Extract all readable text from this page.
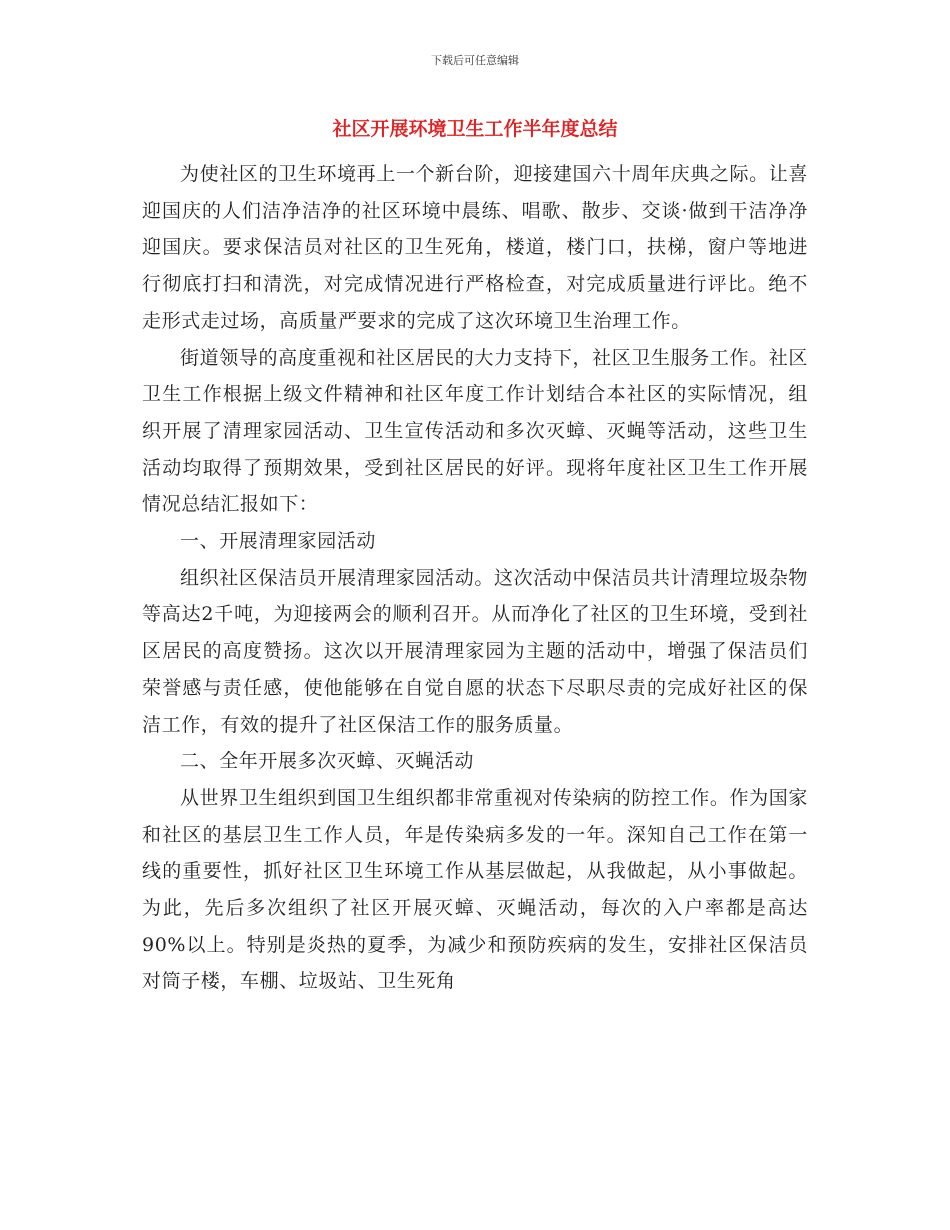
下载后可任意编辑
社区开展环境卫生工作半年度总结

为使社区的卫生环境再上一个新台阶，迎接建国六十周年庆典之际。让喜迎国庆的人们洁净洁净的社区环境中晨练、唱歌、散步、交谈·做到干洁净净迎国庆。要求保洁员对社区的卫生死角，楼道，楼门口，扶梯，窗户等地进行彻底打扫和清洗，对完成情况进行严格检查，对完成质量进行评比。绝不走形式走过场，高质量严要求的完成了这次环境卫生治理工作。

街道领导的高度重视和社区居民的大力支持下，社区卫生服务工作。社区卫生工作根据上级文件精神和社区年度工作计划结合本社区的实际情况，组织开展了清理家园活动、卫生宣传活动和多次灭蟑、灭蝇等活动，这些卫生活动均取得了预期效果，受到社区居民的好评。现将年度社区卫生工作开展情况总结汇报如下：

一、开展清理家园活动

组织社区保洁员开展清理家园活动。这次活动中保洁员共计清理垃圾杂物等高达2千吨，为迎接两会的顺利召开。从而净化了社区的卫生环境，受到社区居民的高度赞扬。这次以开展清理家园为主题的活动中，增强了保洁员们荣誉感与责任感，使他能够在自觉自愿的状态下尽职尽责的完成好社区的保洁工作，有效的提升了社区保洁工作的服务质量。

二、全年开展多次灭蟑、灭蝇活动

从世界卫生组织到国卫生组织都非常重视对传染病的防控工作。作为国家和社区的基层卫生工作人员，年是传染病多发的一年。深知自己工作在第一线的重要性，抓好社区卫生环境工作从基层做起，从我做起，从小事做起。为此，先后多次组织了社区开展灭蟑、灭蝇活动，每次的入户率都是高达90%以上。特别是炎热的夏季，为减少和预防疾病的发生，安排社区保洁员对筒子楼，车棚、垃圾站、卫生死角
